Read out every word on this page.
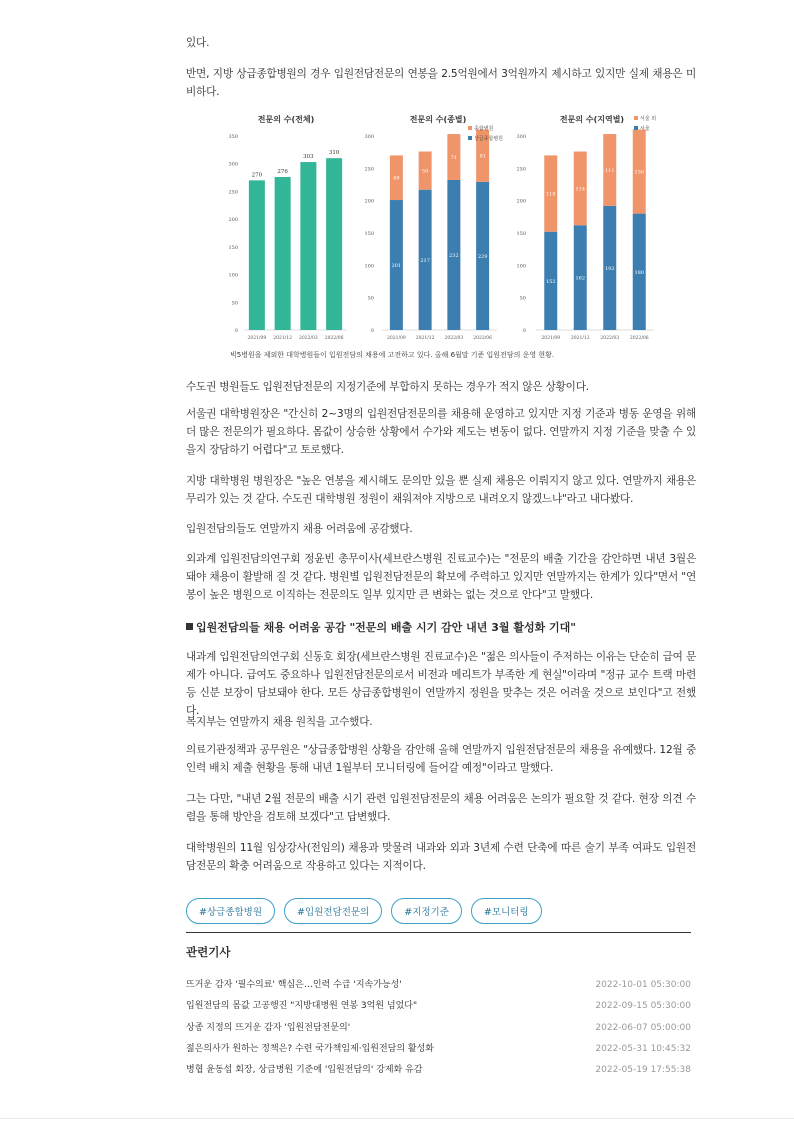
있다.

반면, 지방 상급종합병원의 경우 입원전담전문의 연봉을 2.5억원에서 3억원까지 제시하고 있지만 실제 채용은 미비하다.

전문의 수(전체)
0
50
100
150
200
250
300
350
2021/09
270
2021/12
276
2022/03
303
2022/06
310
전문의 수(종별)
0
50
100
150
200
250
300
2021/09
201
69
2021/12
217
59
2022/03
232
71
2022/06
229
81
종합병원
상급종합병원
전문의 수(지역별)
0
50
100
150
200
250
300
2021/09
152
118
2021/12
162
114
2022/03
192
111
2022/06
180
130
서울 외
서울
빅5병원을 제외한 대학병원들이 입원전담의 채용에 고전하고 있다. 올해 6월말 기준 입원전담의 운영 현황.

수도권 병원들도 입원전담전문의 지정기준에 부합하지 못하는 경우가 적지 않은 상황이다.

서울권 대학병원장은 "간신히 2~3명의 입원전담전문의를 채용해 운영하고 있지만 지정 기준과 병동 운영을 위해 더 많은 전문의가 필요하다. 몸값이 상승한 상황에서 수가와 제도는 변동이 없다. 연말까지 지정 기준을 맞출 수 있을지 장담하기 어렵다"고 토로했다.

지방 대학병원 병원장은 "높은 연봉을 제시해도 문의만 있을 뿐 실제 채용은 이뤄지지 않고 있다. 연말까지 채용은 무리가 있는 것 같다. 수도권 대학병원 정원이 채워져야 지방으로 내려오지 않겠느냐"라고 내다봤다.

입원전담의들도 연말까지 채용 어려움에 공감했다.

외과계 입원전담의연구회 정윤빈 총무이사(세브란스병원 진료교수)는 "전문의 배출 기간을 감안하면 내년 3월은 돼야 채용이 활발해 질 것 같다. 병원별 입원전담전문의 확보에 주력하고 있지만 연말까지는 한계가 있다"면서 "연봉이 높은 병원으로 이직하는 전문의도 일부 있지만 큰 변화는 없는 것으로 안다"고 말했다.

입원전담의들 채용 어려움 공감 "전문의 배출 시기 감안 내년 3월 활성화 기대"

내과계 입원전담의연구회 신동호 회장(세브란스병원 진료교수)은 "젊은 의사들이 주저하는 이유는 단순히 급여 문제가 아니다. 급여도 중요하나 입원전담전문의로서 비전과 메리트가 부족한 게 현실"이라며 "정규 교수 트랙 마련 등 신분 보장이 담보돼야 한다. 모든 상급종합병원이 연말까지 정원을 맞추는 것은 어려울 것으로 보인다"고 전했다.

복지부는 연말까지 채용 원칙을 고수했다.

의료기관정책과 공무원은 "상급종합병원 상황을 감안해 올해 연말까지 입원전담전문의 채용을 유예했다. 12월 중 인력 배치 제출 현황을 통해 내년 1월부터 모니터링에 들어갈 예정"이라고 말했다.

그는 다만, "내년 2월 전문의 배출 시기 관련 입원전담전문의 채용 어려움은 논의가 필요할 것 같다. 현장 의견 수렴을 통해 방안을 검토해 보겠다"고 답변했다.

대학병원의 11월 임상강사(전임의) 채용과 맞물려 내과와 외과 3년제 수련 단축에 따른 술기 부족 여파도 입원전담전문의 확충 어려움으로 작용하고 있다는 지적이다.

#상급종합병원	#입원전담전문의	#지정기준	#모니터링
관련기사
뜨거운 감자 '필수의료' 핵심은…인력 수급 '지속가능성'	2022-10-01 05:30:00
입원전담의 몸값 고공행진 "지방대병원 연봉 3억원 넘었다"	2022-09-15 05:30:00
상종 지정의 뜨거운 감자 '입원전담전문의'	2022-06-07 05:00:00
젊은의사가 원하는 정책은? 수련 국가책임제·입원전담의 활성화	2022-05-31 10:45:32
병협 윤동섭 회장, 상급병원 기준에 '입원전담의' 강제화 유감	2022-05-19 17:55:38
